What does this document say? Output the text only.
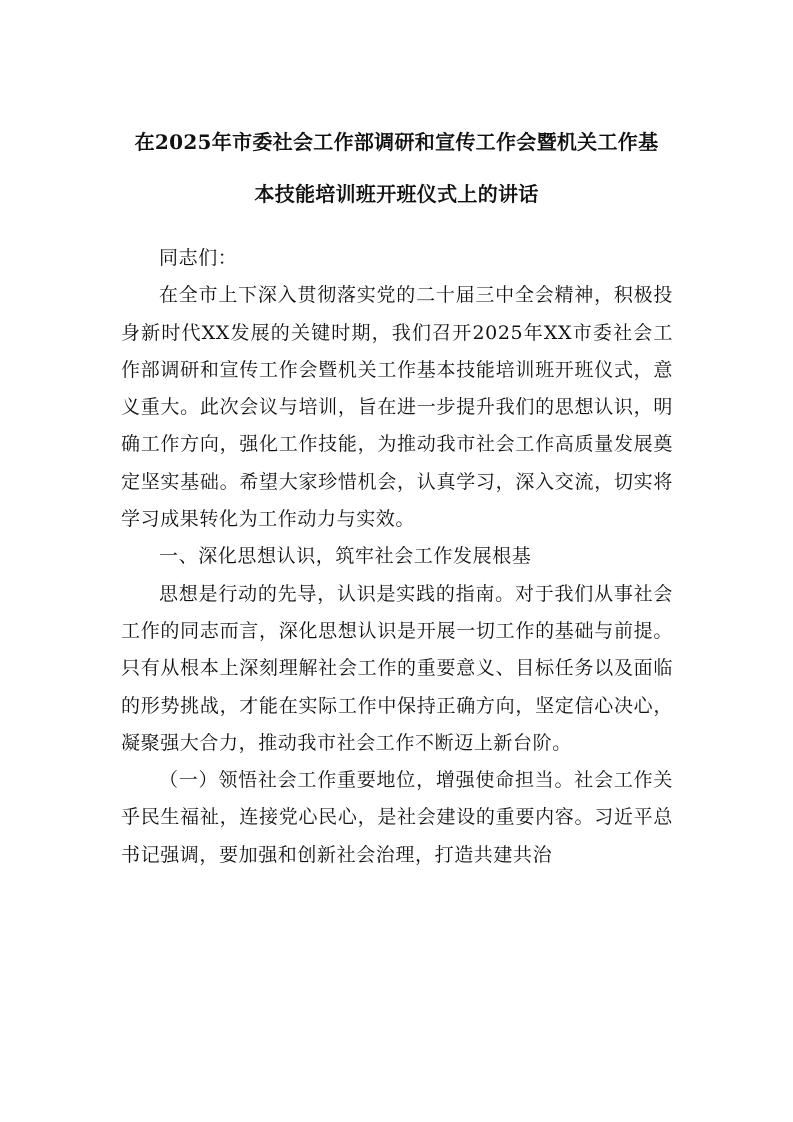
在2025年市委社会工作部调研和宣传工作会暨机关工作基
本技能培训班开班仪式上的讲话

同志们：

在全市上下深入贯彻落实党的二十届三中全会精神，积极投身新时代XX发展的关键时期，我们召开2025年XX市委社会工作部调研和宣传工作会暨机关工作基本技能培训班开班仪式，意义重大。此次会议与培训，旨在进一步提升我们的思想认识，明确工作方向，强化工作技能，为推动我市社会工作高质量发展奠定坚实基础。希望大家珍惜机会，认真学习，深入交流，切实将学习成果转化为工作动力与实效。

一、深化思想认识，筑牢社会工作发展根基

思想是行动的先导，认识是实践的指南。对于我们从事社会工作的同志而言，深化思想认识是开展一切工作的基础与前提。只有从根本上深刻理解社会工作的重要意义、目标任务以及面临的形势挑战，才能在实际工作中保持正确方向，坚定信心决心，凝聚强大合力，推动我市社会工作不断迈上新台阶。

（一）领悟社会工作重要地位，增强使命担当。社会工作关乎民生福祉，连接党心民心，是社会建设的重要内容。习近平总书记强调，要加强和创新社会治理，打造共建共治
